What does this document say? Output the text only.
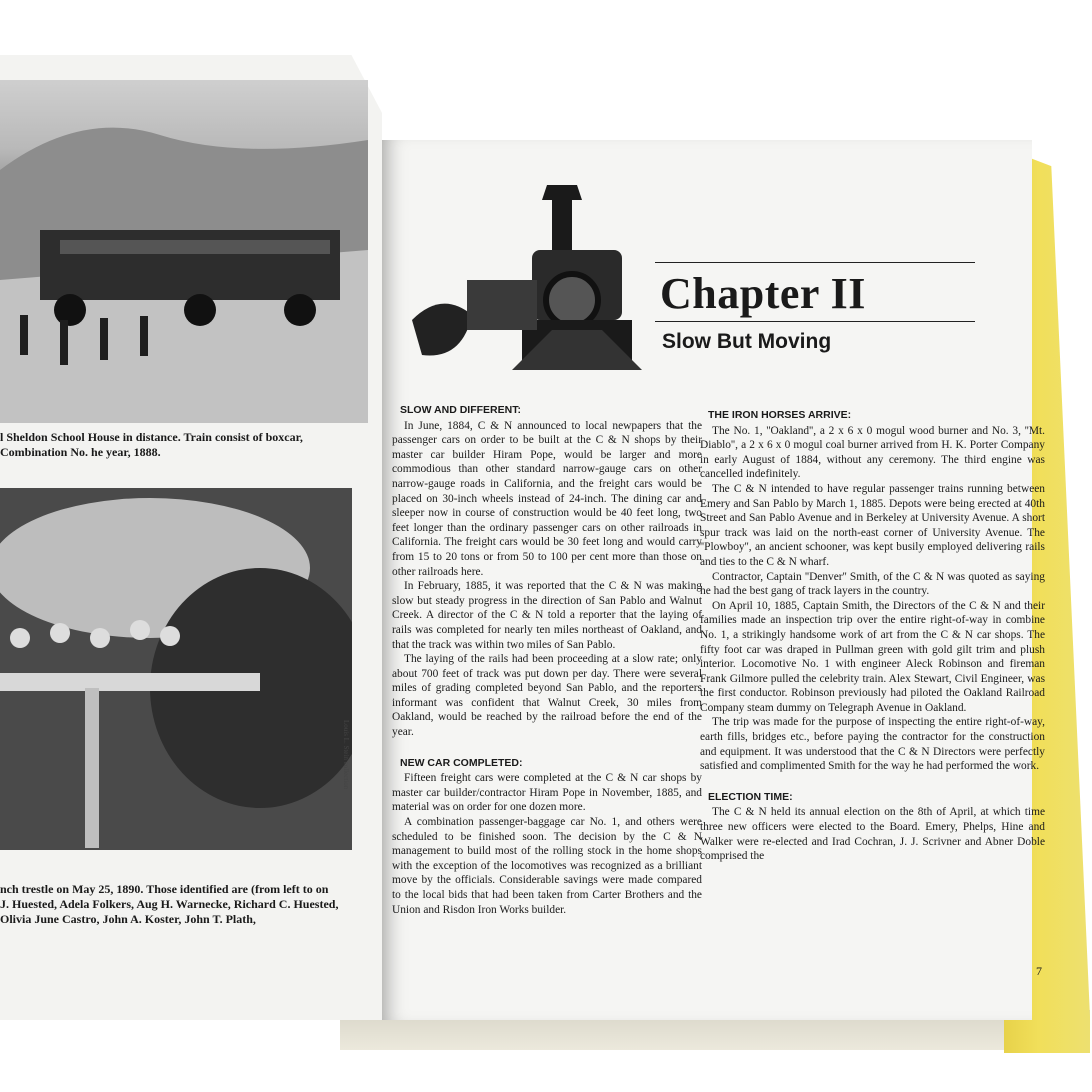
l Sheldon School House in distance. Train consist of boxcar, Combination No. he year, 1888.
Louis L. Stein collection
nch trestle on May 25, 1890. Those identified are (from left to on J. Huested, Adela Folkers, Aug H. Warnecke, Richard C. Huested, Olivia June Castro, John A. Koster, John T. Plath,
Chapter II
Slow But Moving
SLOW AND DIFFERENT:

In June, 1884, C & N announced to local newpapers that the passenger cars on order to be built at the C & N shops by their master car builder Hiram Pope, would be larger and more commodious than other standard narrow-gauge cars on other narrow-gauge roads in California, and the freight cars would be placed on 30-inch wheels instead of 24-inch. The dining car and sleeper now in course of construction would be 40 feet long, two feet longer than the ordinary passenger cars on other railroads in California. The freight cars would be 30 feet long and would carry from 15 to 20 tons or from 50 to 100 per cent more than those on other railroads here.

In February, 1885, it was reported that the C & N was making slow but steady progress in the direction of San Pablo and Walnut Creek. A director of the C & N told a reporter that the laying of rails was completed for nearly ten miles northeast of Oakland, and that the track was within two miles of San Pablo.

The laying of the rails had been proceeding at a slow rate; only about 700 feet of track was put down per day. There were several miles of grading completed beyond San Pablo, and the reporters informant was confident that Walnut Creek, 30 miles from Oakland, would be reached by the railroad before the end of the year.

NEW CAR COMPLETED:

Fifteen freight cars were completed at the C & N car shops by master car builder/contractor Hiram Pope in November, 1885, and material was on order for one dozen more.

A combination passenger-baggage car No. 1, and others were scheduled to be finished soon. The decision by the C & N management to build most of the rolling stock in the home shops with the exception of the locomotives was recognized as a brilliant move by the officials. Considerable savings were made compared to the local bids that had been taken from Carter Brothers and the Union and Risdon Iron Works builder.

THE IRON HORSES ARRIVE:

The No. 1, ''Oakland'', a 2 x 6 x 0 mogul wood burner and No. 3, ''Mt. Diablo'', a 2 x 6 x 0 mogul coal burner arrived from H. K. Porter Company in early August of 1884, without any ceremony. The third engine was cancelled indefinitely.

The C & N intended to have regular passenger trains running between Emery and San Pablo by March 1, 1885. Depots were being erected at 40th Street and San Pablo Avenue and in Berkeley at University Avenue. A short spur track was laid on the north-east corner of University Avenue. The ''Plowboy'', an ancient schooner, was kept busily employed delivering rails and ties to the C & N wharf.

Contractor, Captain ''Denver'' Smith, of the C & N was quoted as saying he had the best gang of track layers in the country.

On April 10, 1885, Captain Smith, the Directors of the C & N and their families made an inspection trip over the entire right-of-way in combine No. 1, a strikingly handsome work of art from the C & N car shops. The fifty foot car was draped in Pullman green with gold gilt trim and plush interior. Locomotive No. 1 with engineer Aleck Robinson and fireman Frank Gilmore pulled the celebrity train. Alex Stewart, Civil Engineer, was the first conductor. Robinson previously had piloted the Oakland Railroad Company steam dummy on Telegraph Avenue in Oakland.

The trip was made for the purpose of inspecting the entire right-of-way, earth fills, bridges etc., before paying the contractor for the construction and equipment. It was understood that the C & N Directors were perfectly satisfied and complimented Smith for the way he had performed the work.

ELECTION TIME:

The C & N held its annual election on the 8th of April, at which time three new officers were elected to the Board. Emery, Phelps, Hine and Walker were re-elected and Irad Cochran, J. J. Scrivner and Abner Doble comprised the

7
